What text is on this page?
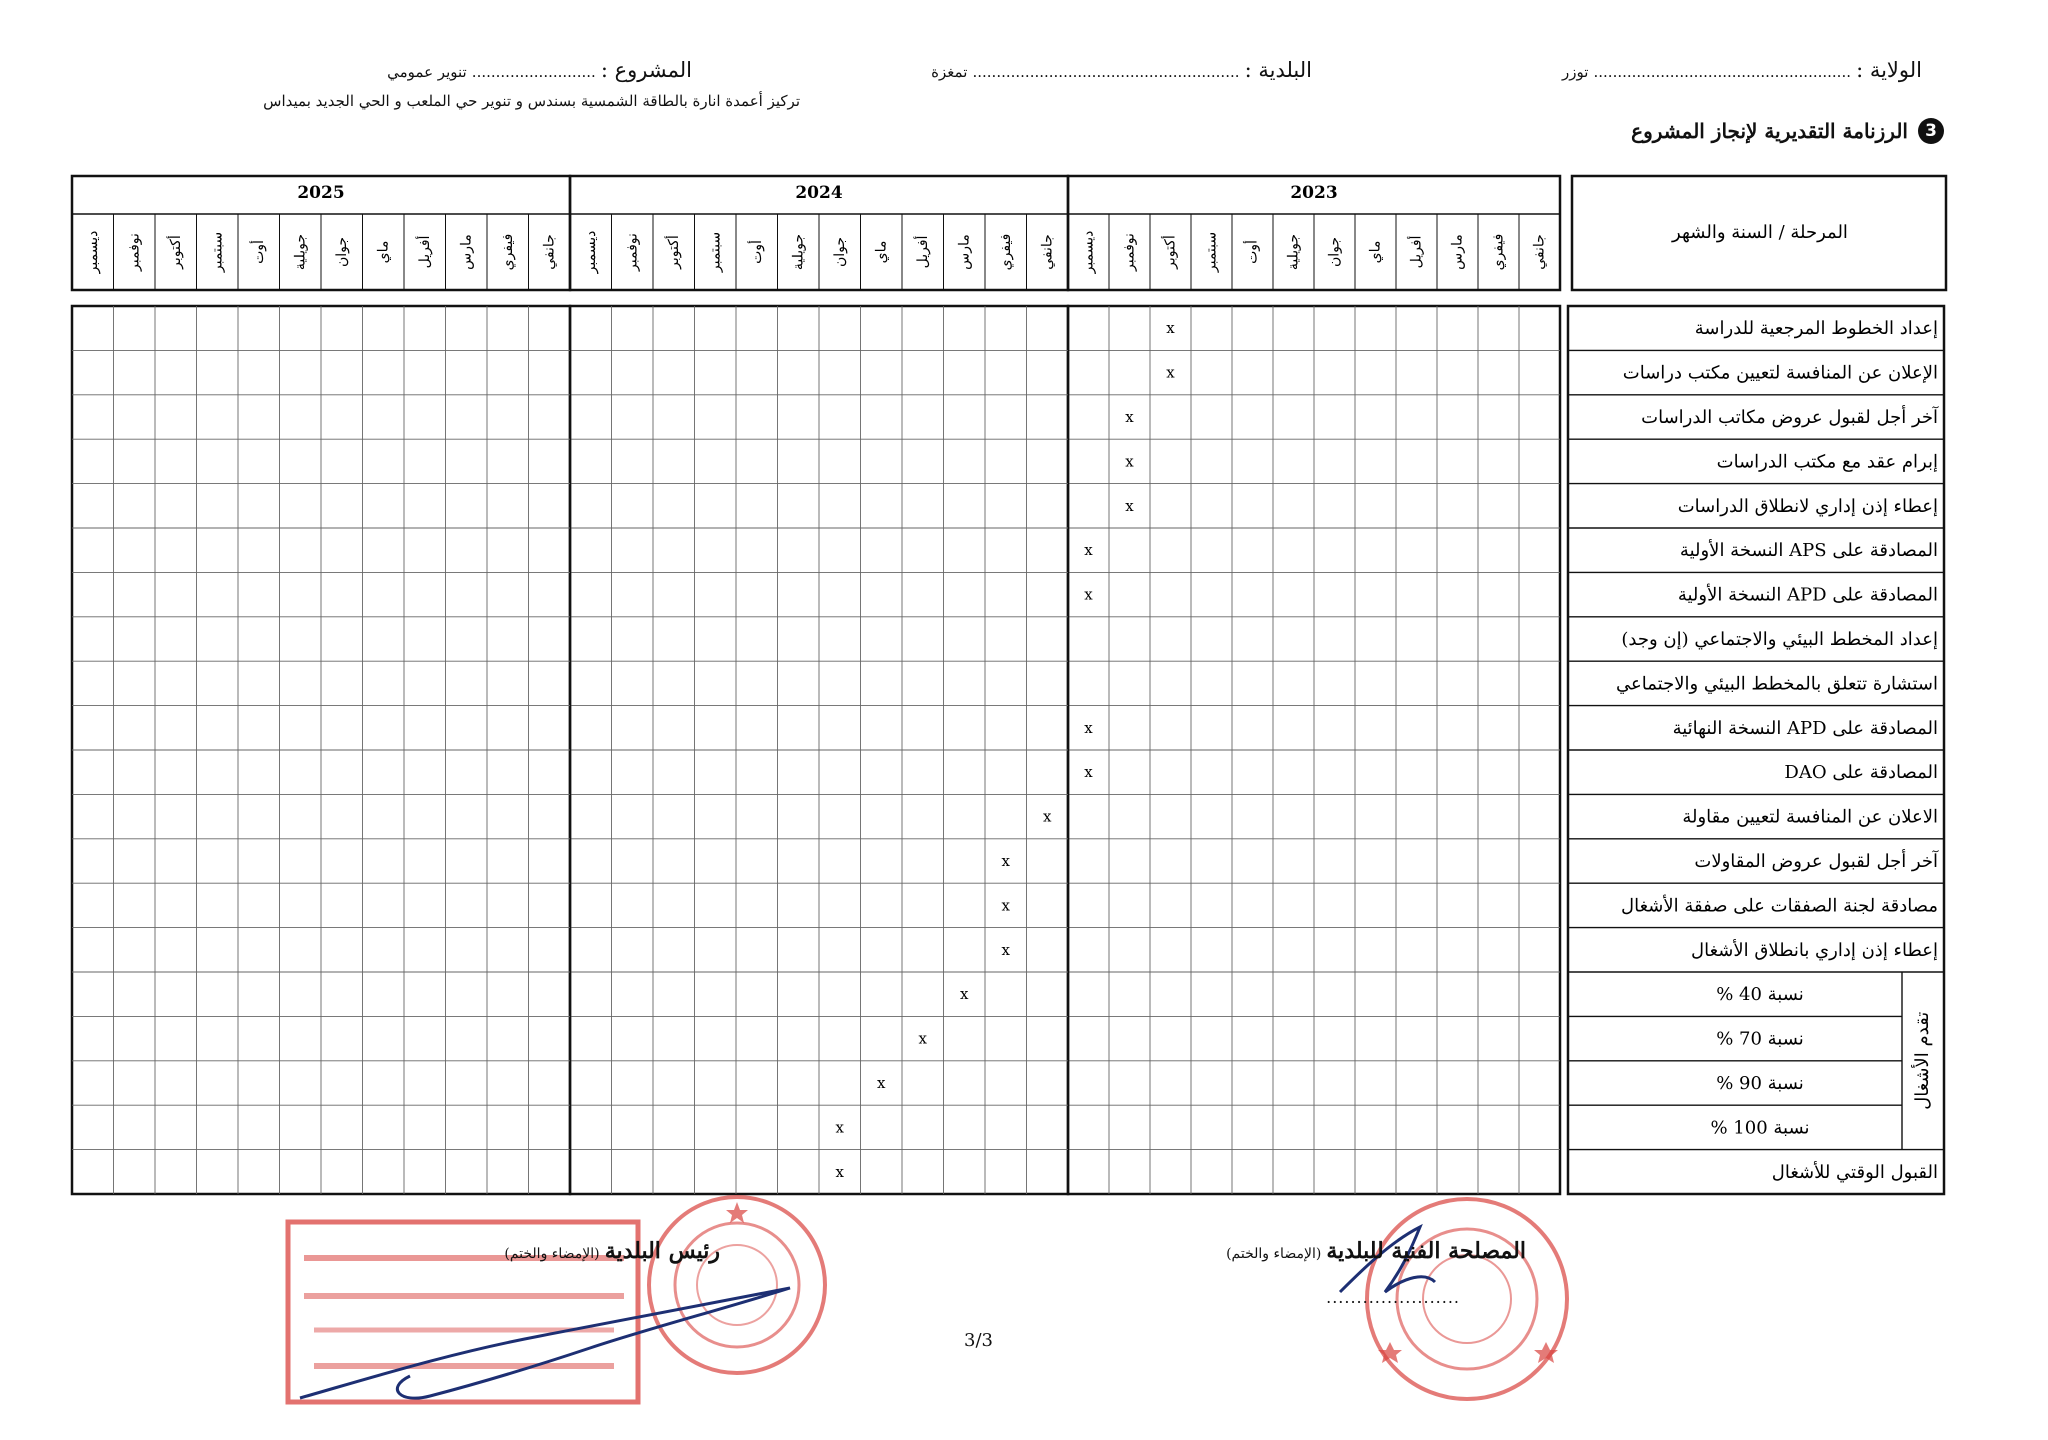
الولاية : ...................................................... توزر
البلدية : ........................................................ تمغزة
المشروع : .......................... تنوير عمومي
تركيز أعمدة انارة بالطاقة الشمسية بسندس و تنوير حي الملعب و الحي الجديد بميداس
3
الرزنامة التقديرية لإنجاز المشروع
2023
جانفي
فيفري
مارس
أفريل
ماي
جوان
جويلية
أوت
سبتمبر
أكتوبر
نوفمبر
ديسمبر
2024
جانفي
فيفري
مارس
أفريل
ماي
جوان
جويلية
أوت
سبتمبر
أكتوبر
نوفمبر
ديسمبر
2025
جانفي
فيفري
مارس
أفريل
ماي
جوان
جويلية
أوت
سبتمبر
أكتوبر
نوفمبر
ديسمبر	المرحلة / السنة والشهر
إعداد الخطوط المرجعية للدراسة
x
الإعلان عن المنافسة لتعيين مكتب دراسات
x
آخر أجل لقبول عروض مكاتب الدراسات
x
إبرام عقد مع مكتب الدراسات
x
إعطاء إذن إداري لانطلاق الدراسات
x
المصادقة على APS النسخة الأولية
x
المصادقة على APD النسخة الأولية
x
إعداد المخطط البيئي والاجتماعي (إن وجد)
استشارة تتعلق بالمخطط البيئي والاجتماعي
المصادقة على APD النسخة النهائية
x
المصادقة على DAO
x
الاعلان عن المنافسة لتعيين مقاولة
x
آخر أجل لقبول عروض المقاولات
x
مصادقة لجنة الصفقات على صفقة الأشغال
x
إعطاء إذن إداري بانطلاق الأشغال
x
نسبة 40 %
x
نسبة 70 %
x
نسبة 90 %
x
نسبة 100 %
x
القبول الوقتي للأشغال
x
تقدم الأشغال
رئيس البلدية (الإمضاء والختم)	المصلحة الفنية للبلدية (الإمضاء والختم)
......................
3/3
